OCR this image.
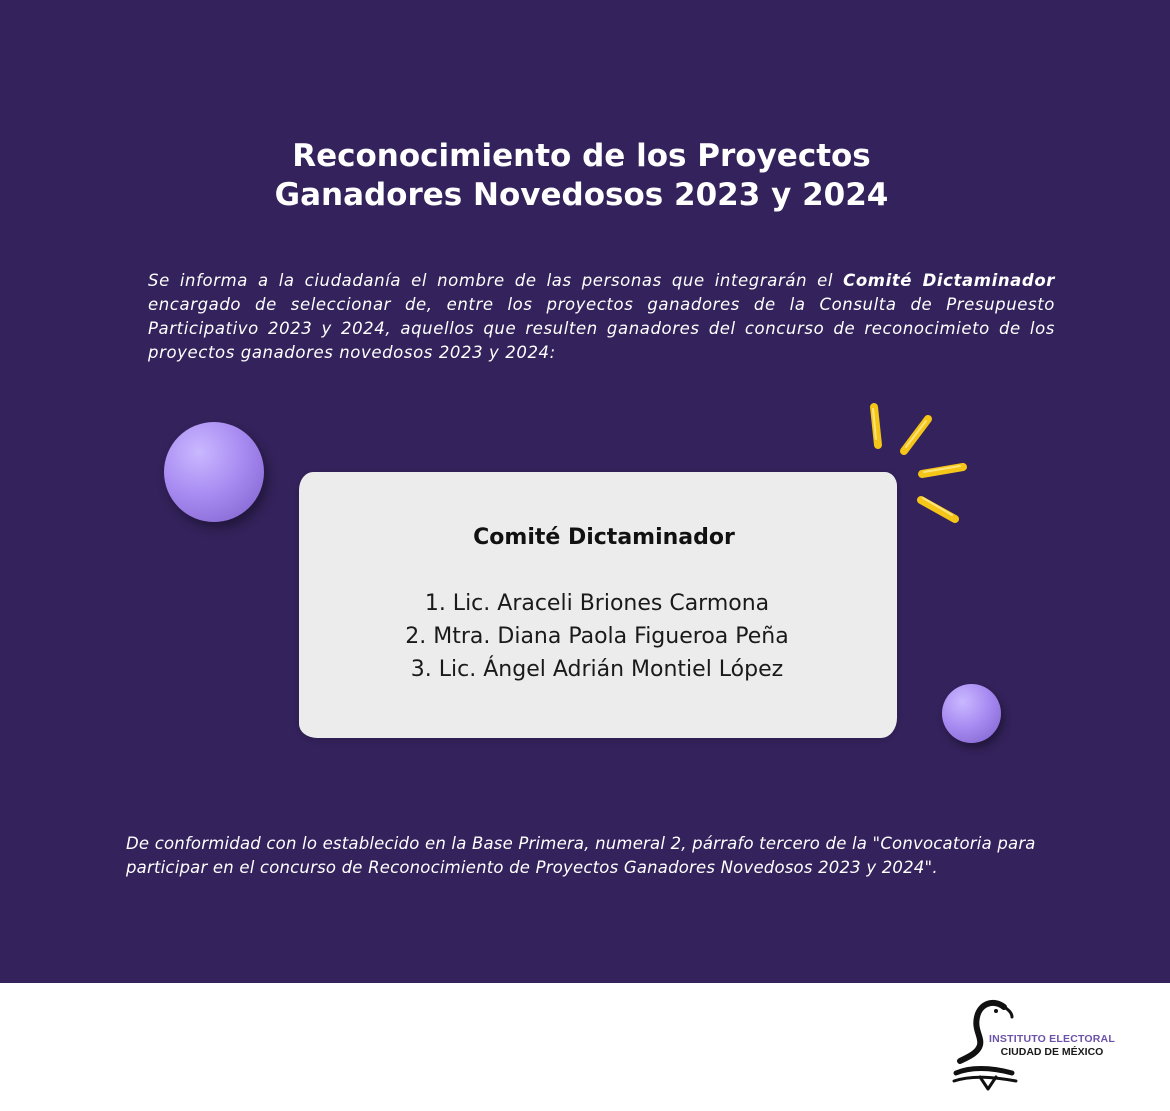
Reconocimiento de los Proyectos
Ganadores Novedosos 2023 y 2024

Se informa a la ciudadanía el nombre de las personas que integrarán el Comité Dictaminador encargado de seleccionar de, entre los proyectos ganadores de la Consulta de Presupuesto Participativo 2023 y 2024, aquellos que resulten ganadores del concurso de reconocimieto de los proyectos ganadores novedosos 2023 y 2024:

Comité Dictaminador
1. Lic. Araceli Briones Carmona
2. Mtra. Diana Paola Figueroa Peña
3. Lic. Ángel Adrián Montiel López

De conformidad con lo establecido en la Base Primera, numeral 2, párrafo tercero de la "Convocatoria para participar en el concurso de Reconocimiento de Proyectos Ganadores Novedosos 2023 y 2024".

INSTITUTO ELECTORAL
CIUDAD DE MÉXICO
